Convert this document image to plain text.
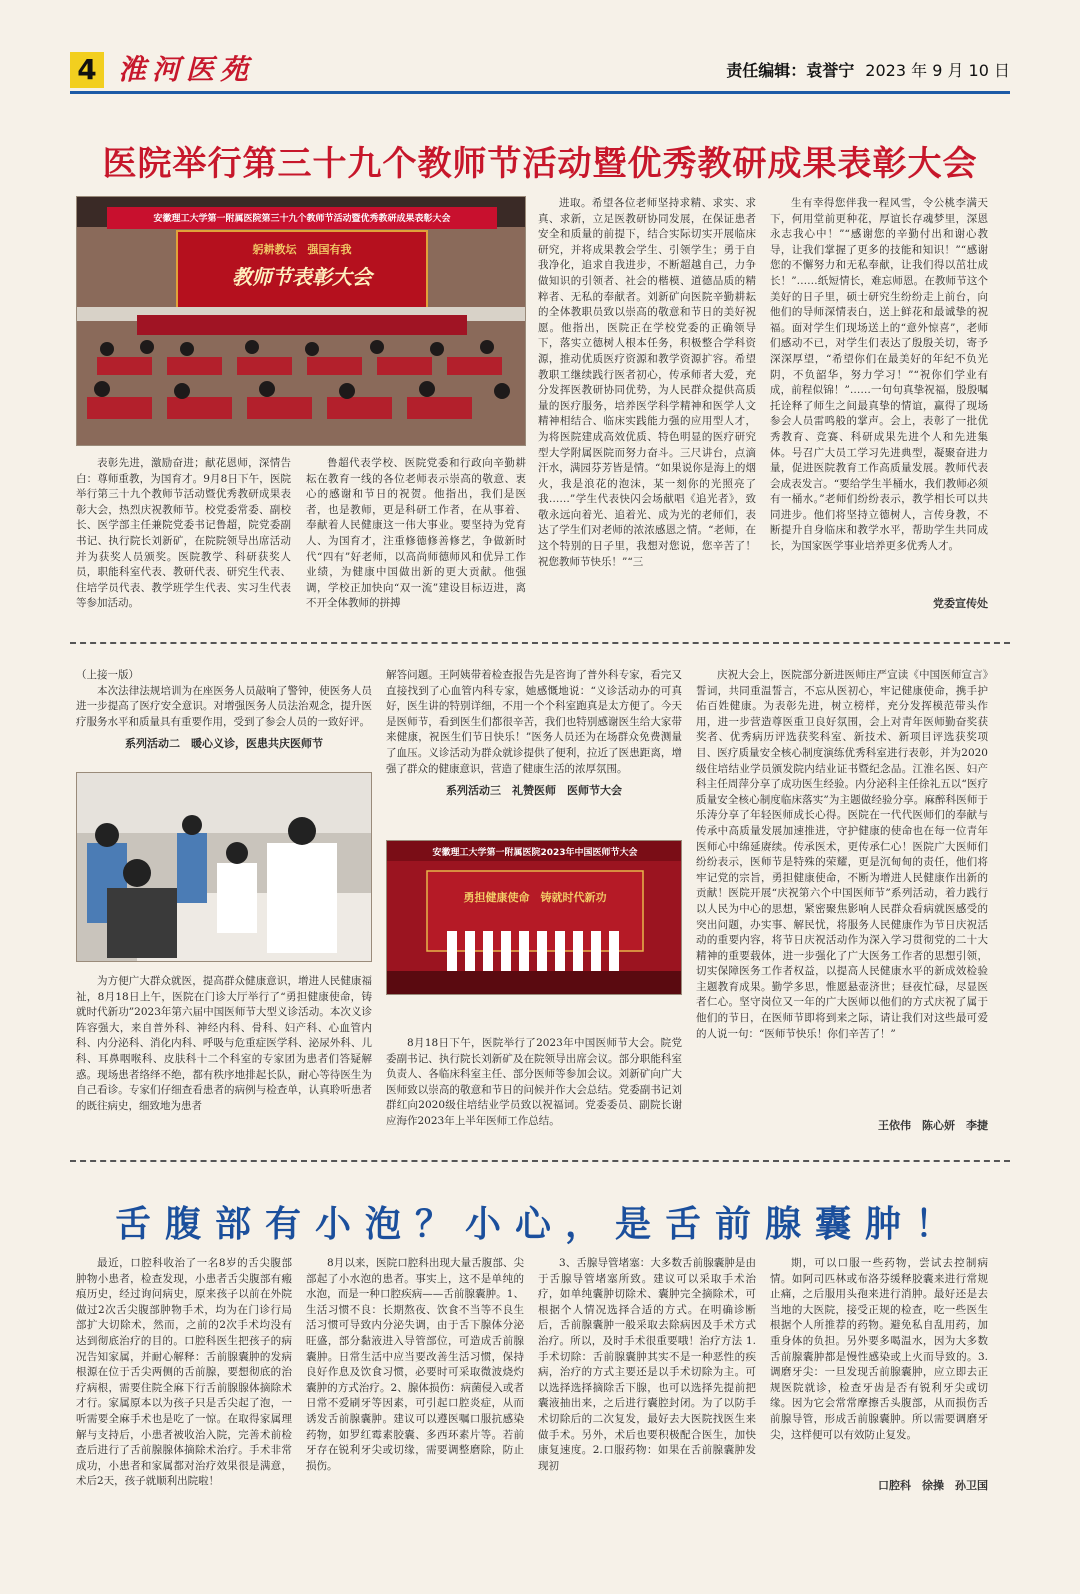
4 淮河医苑	责任编辑：袁誉宁 2023 年 9 月 10 日
医院举行第三十九个教师节活动暨优秀教研成果表彰大会
安徽理工大学第一附属医院第三十九个教师节活动暨优秀教研成果表彰大会
躬耕教坛　强国有我
教师节表彰大会

表彰先进，激励奋进；献花恩师，深情告白：尊师重教，为国育才。9月8日下午，医院举行第三十九个教师节活动暨优秀教研成果表彰大会，热烈庆祝教师节。校党委常委、副校长、医学部主任兼院党委书记鲁超，院党委副书记、执行院长刘新矿，在院院领导出席活动并为获奖人员颁奖。医院教学、科研获奖人员，职能科室代表、教研代表、研究生代表、住培学员代表、教学班学生代表、实习生代表等参加活动。

鲁超代表学校、医院党委和行政向辛勤耕耘在教育一线的各位老师表示崇高的敬意、衷心的感谢和节日的祝贺。他指出，我们是医者，也是教师，更是科研工作者，在从事着、奉献着人民健康这一伟大事业。要坚持为党育人、为国育才，注重修德修善修艺，争做新时代“四有”好老师，以高尚师德师风和优异工作业绩，为健康中国做出新的更大贡献。他强调，学校正加快向“双一流”建设目标迈进，离不开全体教师的拼搏

进取。希望各位老师坚持求精、求实、求真、求新，立足医教研协同发展，在保证患者安全和质量的前提下，结合实际切实开展临床研究，并将成果教会学生、引领学生；勇于自我净化，追求自我进步，不断超越自己，力争做知识的引领者、社会的楷模、道德品质的精粹者、无私的奉献者。刘新矿向医院辛勤耕耘的全体教职员致以崇高的敬意和节日的美好祝愿。他指出，医院正在学校党委的正确领导下，落实立德树人根本任务，积极整合学科资源，推动优质医疗资源和教学资源扩容。希望教职工继续践行医者初心，传承师者大爱，充分发挥医教研协同优势，为人民群众提供高质量的医疗服务，培养医学科学精神和医学人文精神相结合、临床实践能力强的应用型人才，为将医院建成高效优质、特色明显的医疗研究型大学附属医院而努力奋斗。三尺讲台，点滴汗水，满园芬芳皆是情。“如果说你是海上的烟火，我是浪花的泡沫，某一刻你的光照亮了我……”学生代表快闪会场献唱《追光者》，致敬永远向着光、追着光、成为光的老师们，表达了学生们对老师的浓浓感恩之情。“老师，在这个特别的日子里，我想对您说，您辛苦了！祝您教师节快乐！”“三

生有幸得您伴我一程风雪，令公桃李满天下，何用堂前更种花，厚谊长存魂梦里，深恩永志我心中！”“感谢您的辛勤付出和谢心教导，让我们掌握了更多的技能和知识！”“感谢您的不懈努力和无私奉献，让我们得以茁壮成长！”……纸短情长，难忘师恩。在教师节这个美好的日子里，硕士研究生纷纷走上前台，向他们的导师深情表白，送上鲜花和最诚挚的祝福。面对学生们现场送上的“意外惊喜”，老师们感动不已，对学生们表达了殷殷关切，寄予深深厚望，“希望你们在最美好的年纪不负光阴，不负韶华，努力学习！”“祝你们学业有成，前程似锦！”……一句句真挚祝福，殷殷嘱托诠释了师生之间最真挚的情谊，赢得了现场参会人员雷鸣般的掌声。会上，表彰了一批优秀教育、竞赛、科研成果先进个人和先进集体。号召广大员工学习先进典型，凝聚奋进力量，促进医院教育工作高质量发展。教师代表会成表发言。“要给学生半桶水，我们教师必须有一桶水。”老师们纷纷表示，教学相长可以共同进步。他们将坚持立德树人，言传身教，不断提升自身临床和教学水平，帮助学生共同成长，为国家医学事业培养更多优秀人才。

党委宣传处
（上接一版）

本次法律法规培训为在座医务人员敲响了警钟，使医务人员进一步提高了医疗安全意识。对增强医务人员法治观念，提升医疗服务水平和质量具有重要作用，受到了参会人员的一致好评。

系列活动二　暖心义诊，医患共庆医师节

为方便广大群众就医，提高群众健康意识，增进人民健康福祉，8月18日上午，医院在门诊大厅举行了“勇担健康使命，铸就时代新功”2023年第六届中国医师节大型义诊活动。本次义诊阵容强大，来自普外科、神经内科、骨科、妇产科、心血管内科、内分泌科、消化内科、呼吸与危重症医学科、泌尿外科、儿科、耳鼻咽喉科、皮肤科十二个科室的专家团为患者们答疑解惑。现场患者络绎不绝，都有秩序地排起长队，耐心等待医生为自己看诊。专家们仔细查看患者的病例与检查单，认真聆听患者的既往病史，细致地为患者

解答问题。王阿姨带着检查报告先是咨询了普外科专家，看完又直接找到了心血管内科专家，她感慨地说：“义诊活动办的可真好，医生讲的特别详细，不用一个个科室跑真是太方便了。今天是医师节，看到医生们都很辛苦，我们也特别感谢医生给大家带来健康，祝医生们节日快乐！”医务人员还为在场群众免费测量了血压。义诊活动为群众就诊提供了便利，拉近了医患距离，增强了群众的健康意识，营造了健康生活的浓厚氛围。
系列活动三　礼赞医师　医师节大会
安徽理工大学第一附属医院2023年中国医师节大会
勇担健康使命　铸就时代新功

8月18日下午，医院举行了2023年中国医师节大会。院党委副书记、执行院长刘新矿及在院领导出席会议。部分职能科室负责人、各临床科室主任、部分医师等参加会议。刘新矿向广大医师致以崇高的敬意和节日的问候并作大会总结。党委副书记刘群红向2020级住培结业学员致以祝福词。党委委员、副院长谢应海作2023年上半年医师工作总结。

庆祝大会上，医院部分新进医师庄严宣读《中国医师宣言》誓词，共同重温誓言，不忘从医初心，牢记健康使命，携手护佑百姓健康。为表彰先进，树立榜样，充分发挥模范带头作用，进一步营造尊医重卫良好氛围，会上对青年医师勤奋奖获奖者、优秀病历评选获奖科室、新技术、新项目评选获奖项目、医疗质量安全核心制度演练优秀科室进行表彰，并为2020级住培结业学员颁发院内结业证书暨纪念品。江淮名医、妇产科主任周萍分享了成功医生经验。内分泌科主任徐礼五以“医疗质量安全核心制度临床落实”为主题做经验分享。麻醉科医师于乐涛分享了年轻医师成长心得。医院在一代代医师们的奉献与传承中高质量发展加速推进，守护健康的使命也在每一位青年医师心中绵延赓续。传承医术，更传承仁心！医院广大医师们纷纷表示，医师节是特殊的荣耀，更是沉甸甸的责任，他们将牢记党的宗旨，勇担健康使命，不断为增进人民健康作出新的贡献！医院开展“庆祝第六个中国医师节”系列活动，着力践行以人民为中心的思想，紧密聚焦影响人民群众看病就医感受的突出问题，办实事、解民忧，将服务人民健康作为节日庆祝活动的重要内容，将节日庆祝活动作为深入学习贯彻党的二十大精神的重要载体，进一步强化了广大医务工作者的思想引领，切实保障医务工作者权益，以提高人民健康水平的新成效检验主题教育成果。勤学多思，惟愿悬壶济世；昼夜忙碌，尽显医者仁心。坚守岗位又一年的广大医师以他们的方式庆祝了属于他们的节日，在医师节即将到来之际，请让我们对这些最可爱的人说一句：“医师节快乐！你们辛苦了！”

王依伟　陈心妍　李捷
舌腹部有小泡？小心，是舌前腺囊肿！

最近，口腔科收治了一名8岁的舌尖腹部肿物小患者，检查发现，小患者舌尖腹部有瘢痕历史，经过询问病史，原来孩子以前在外院做过2次舌尖腹部肿物手术，均为在门诊行局部扩大切除术，然而，之前的2次手术均没有达到彻底治疗的目的。口腔科医生把孩子的病况告知家属，并耐心解释：舌前腺囊肿的发病根源在位于舌尖两侧的舌前腺，要想彻底的治疗病根，需要住院全麻下行舌前腺腺体摘除术才行。家属原本以为孩子只是舌尖起了泡，一听需要全麻手术也是吃了一惊。在取得家属理解与支持后，小患者被收治入院，完善术前检查后进行了舌前腺腺体摘除术治疗。手术非常成功，小患者和家属都对治疗效果很是满意，术后2天，孩子就顺利出院啦！

8月以来，医院口腔科出现大量舌腹部、尖部起了小水泡的患者。事实上，这不是单纯的水泡，而是一种口腔疾病——舌前腺囊肿。1、生活习惯不良：长期熬夜、饮食不当等不良生活习惯可导致内分泌失调，由于舌下腺体分泌旺盛，部分黏液进入导管部位，可造成舌前腺囊肿。日常生活中应当要改善生活习惯，保持良好作息及饮食习惯，必要时可采取微波烧灼囊肿的方式治疗。2、腺体损伤：病菌侵入或者日常不爱刷牙等因素，可引起口腔炎症，从而诱发舌前腺囊肿。建议可以遵医嘱口服抗感染药物，如罗红霉素胶囊、多西环素片等。若前牙存在锐利牙尖或切缘，需要调整磨除，防止损伤。

3、舌腺导管堵塞：大多数舌前腺囊肿是由于舌腺导管堵塞所致。建议可以采取手术治疗，如单纯囊肿切除术、囊肿完全摘除术，可根据个人情况选择合适的方式。在明确诊断后，舌前腺囊肿一般采取去除病因及手术方式治疗。所以，及时手术很重要哦！治疗方法 1.手术切除：舌前腺囊肿其实不是一种恶性的疾病，治疗的方式主要还是以手术切除为主。可以选择选择摘除舌下腺，也可以选择先提前把囊液抽出来，之后进行囊腔封闭。为了以防手术切除后的二次复发，最好去大医院找医生来做手术。另外，术后也要积极配合医生，加快康复速度。2.口服药物：如果在舌前腺囊肿发现初

期，可以口服一些药物，尝试去控制病情。如阿司匹林或布洛芬缓释胶囊来进行常规止痛，之后服用头孢来进行消肿。最好还是去当地的大医院，接受正规的检查，吃一些医生根据个人所推荐的药物。避免私自乱用药，加重身体的负担。另外要多喝温水，因为大多数舌前腺囊肿都是慢性感染或上火而导致的。3.调磨牙尖：一旦发现舌前腺囊肿，应立即去正规医院就诊，检查牙齿是否有锐利牙尖或切缘。因为它会常常摩擦舌头腹部，从而损伤舌前腺导管，形成舌前腺囊肿。所以需要调磨牙尖，这样便可以有效防止复发。

口腔科　徐操　孙卫国
